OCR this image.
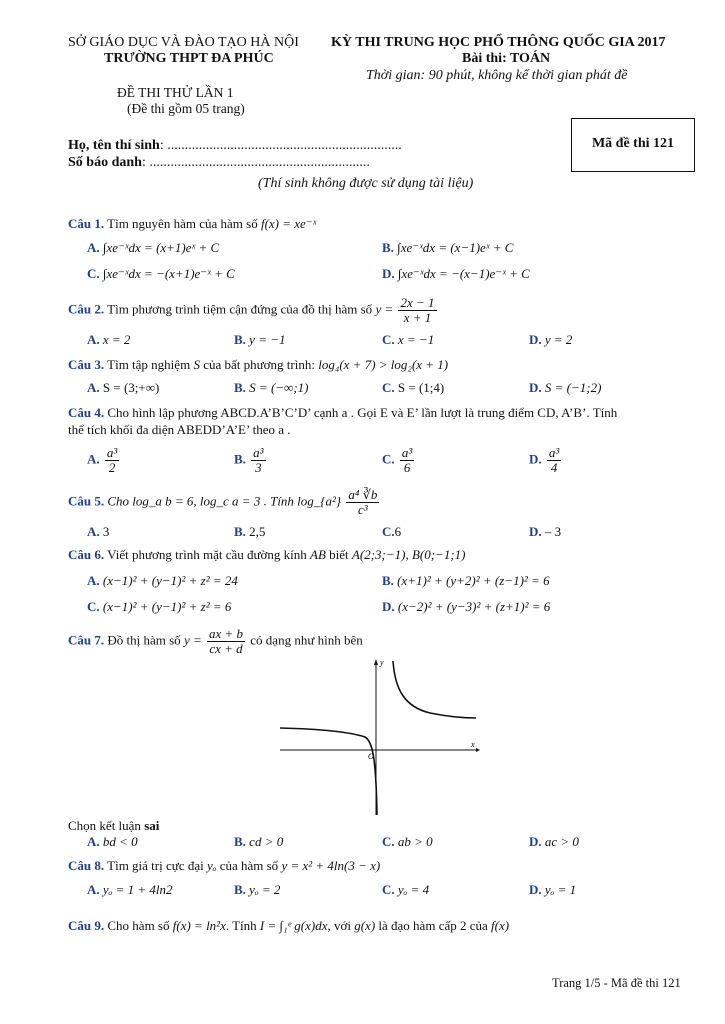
SỞ GIÁO DỤC VÀ ĐÀO TẠO HÀ NỘI
TRƯỜNG THPT ĐA PHÚC
KỲ THI TRUNG HỌC PHỔ THÔNG QUỐC GIA 2017
Bài thi: TOÁN
Thời gian: 90 phút, không kể thời gian phát đề
ĐỀ THI THỬ LẦN 1
(Đề thi gồm 05 trang)
Mã đề thi 121
Họ, tên thí sinh: ...................................................................
Số báo danh: ...............................................................
(Thí sinh không được sử dụng tài liệu)
Câu 1. Tìm nguyên hàm của hàm số f(x) = xe⁻ˣ
A. ∫xe⁻ˣdx = (x+1)eˣ + C	B. ∫xe⁻ˣdx = (x−1)eˣ + C
C. ∫xe⁻ˣdx = −(x+1)e⁻ˣ + C	D. ∫xe⁻ˣdx = −(x−1)e⁻ˣ + C
Câu 2. Tìm phương trình tiệm cận đứng của đồ thị hàm số $y = \frac{2x - 1}{x + 1}$
A. x = 2	B. y = −1	C. x = −1	D. y = 2
Câu 3. Tìm tập nghiệm S của bất phương trình: log₄(x + 7) > log₂(x + 1)
A. S = (3;+∞)	B. S = (−∞;1)	C. S = (1;4)	D. S = (−1;2)
Câu 4. Cho hình lập phương ABCD.A’B’C’D’ cạnh a . Gọi E và E’ lần lượt là trung điểm CD, A’B’. Tính
thể tích khối đa diện ABEDD’A’E’ theo a .
A. $\frac{\text{a³}}{2}$	B. $\frac{\text{a³}}{3}$	C. $\frac{\text{a³}}{6}$	D. $\frac{\text{a³}}{4}$
Câu 5. Cho log_a b = 6, log_c a = 3 . Tính log_{a²} $\frac{\text{a⁴ ∛b}}{\text{c³}}$
A. 3	B. 2,5	C.6	D. – 3
Câu 6. Viết phương trình mặt cầu đường kính AB biết A(2;3;−1), B(0;−1;1)
A. (x−1)² + (y−1)² + z² = 24	B. (x+1)² + (y+2)² + (z−1)² = 6
C. (x−1)² + (y−1)² + z² = 6	D. (x−2)² + (y−3)² + (z+1)² = 6
Câu 7. Đồ thị hàm số $y = \frac{ax + b}{cx + d}$ có dạng như hình bên
y
x
O
Chọn kết luận sai
A. bd < 0	B. cd > 0	C. ab > 0	D. ac > 0
Câu 8. Tìm giá trị cực đại yₒ của hàm số y = x² + 4ln(3 − x)
A. yₒ = 1 + 4ln2	B. yₒ = 2	C. yₒ = 4	D. yₒ = 1
Câu 9. Cho hàm số f(x) = ln²x. Tính I = ∫₁ᵉ g(x)dx, với g(x) là đạo hàm cấp 2 của f(x)
Trang 1/5 - Mã đề thi 121
